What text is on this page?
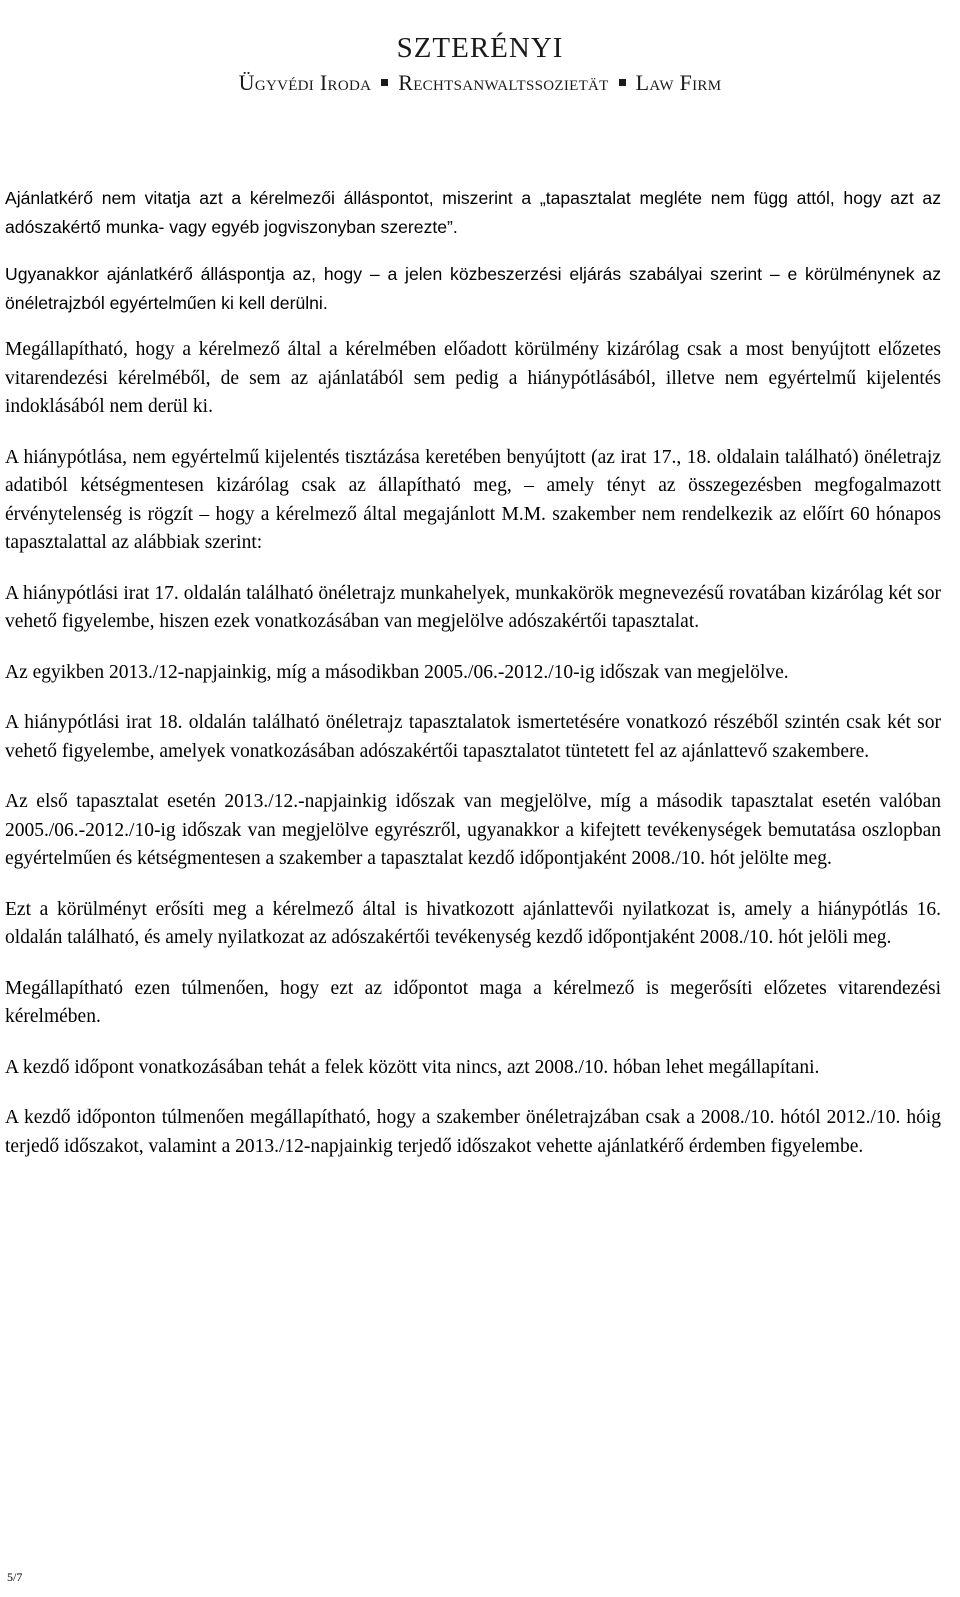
SZTERÉNYI
Ügyvédi Iroda Rechtsanwaltssozietät Law Firm

Ajánlatkérő nem vitatja azt a kérelmezői álláspontot, miszerint a „tapasztalat megléte nem függ attól, hogy azt az adószakértő munka- vagy egyéb jogviszonyban szerezte”.

Ugyanakkor ajánlatkérő álláspontja az, hogy – a jelen közbeszerzési eljárás szabályai szerint – e körülménynek az önéletrajzból egyértelműen ki kell derülni.

Megállapítható, hogy a kérelmező által a kérelmében előadott körülmény kizárólag csak a most benyújtott előzetes vitarendezési kérelméből, de sem az ajánlatából sem pedig a hiánypótlásából, illetve nem egyértelmű kijelentés indoklásából nem derül ki.

A hiánypótlása, nem egyértelmű kijelentés tisztázása keretében benyújtott (az irat 17., 18. oldalain található) önéletrajz adatiból kétségmentesen kizárólag csak az állapítható meg, – amely tényt az összegezésben megfogalmazott érvénytelenség is rögzít – hogy a kérelmező által megajánlott M.M. szakember nem rendelkezik az előírt 60 hónapos tapasztalattal az alábbiak szerint:

A hiánypótlási irat 17. oldalán található önéletrajz munkahelyek, munkakörök megnevezésű rovatában kizárólag két sor vehető figyelembe, hiszen ezek vonatkozásában van megjelölve adószakértői tapasztalat.

Az egyikben 2013./12-napjainkig, míg a másodikban 2005./06.-2012./10-ig időszak van megjelölve.

A hiánypótlási irat 18. oldalán található önéletrajz tapasztalatok ismertetésére vonatkozó részéből szintén csak két sor vehető figyelembe, amelyek vonatkozásában adószakértői tapasztalatot tüntetett fel az ajánlattevő szakembere.

Az első tapasztalat esetén 2013./12.-napjainkig időszak van megjelölve, míg a második tapasztalat esetén valóban 2005./06.-2012./10-ig időszak van megjelölve egyrészről, ugyanakkor a kifejtett tevékenységek bemutatása oszlopban egyértelműen és kétségmentesen a szakember a tapasztalat kezdő időpontjaként 2008./10. hót jelölte meg.

Ezt a körülményt erősíti meg a kérelmező által is hivatkozott ajánlattevői nyilatkozat is, amely a hiánypótlás 16. oldalán található, és amely nyilatkozat az adószakértői tevékenység kezdő időpontjaként 2008./10. hót jelöli meg.

Megállapítható ezen túlmenően, hogy ezt az időpontot maga a kérelmező is megerősíti előzetes vitarendezési kérelmében.

A kezdő időpont vonatkozásában tehát a felek között vita nincs, azt 2008./10. hóban lehet megállapítani.

A kezdő időponton túlmenően megállapítható, hogy a szakember önéletrajzában csak a 2008./10. hótól 2012./10. hóig terjedő időszakot, valamint a 2013./12-napjainkig terjedő időszakot vehette ajánlatkérő érdemben figyelembe.

5/7
